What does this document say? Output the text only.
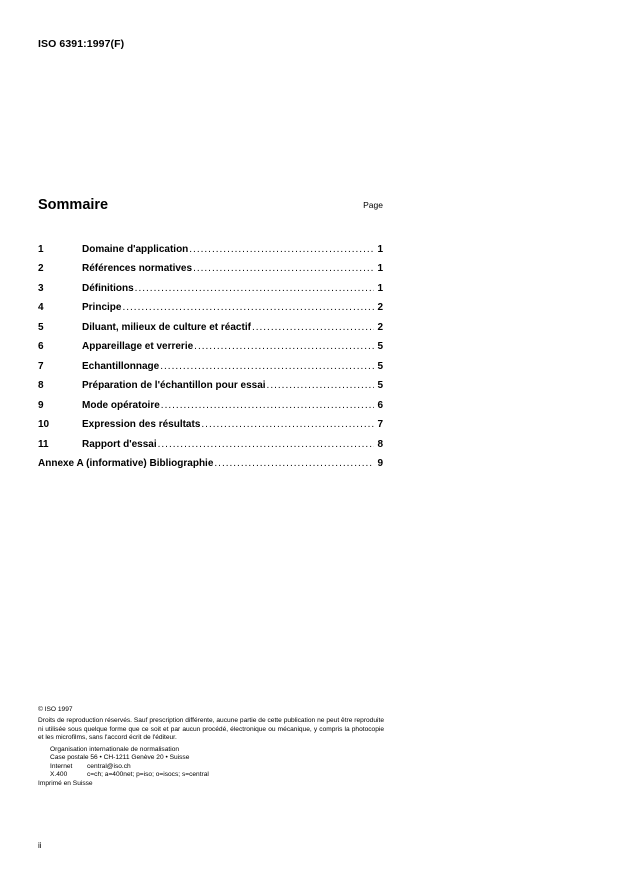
ISO 6391:1997(F)
Sommaire	Page
1	Domaine d'application .....	1
2	Références normatives .....	1
3	Définitions .....	1
4	Principe .....	2
5	Diluant, milieux de culture et réactif .....	2
6	Appareillage et verrerie .....	5
7	Echantillonnage .....	5
8	Préparation de l'échantillon pour essai .....	5
9	Mode opératoire .....	6
10	Expression des résultats .....	7
11	Rapport d'essai .....	8
Annexe A (informative) Bibliographie .....	9

© ISO 1997

Droits de reproduction réservés. Sauf prescription différente, aucune partie de cette publication ne peut être reproduite ni utilisée sous quelque forme que ce soit et par aucun procédé, électronique ou mécanique, y compris la photocopie et les microfilms, sans l'accord écrit de l'éditeur.

Organisation internationale de normalisation
Case postale 56 • CH-1211 Genève 20 • Suisse
Internet	central@iso.ch
X.400	c=ch; a=400net; p=iso; o=isocs; s=central

Imprimé en Suisse

ii
